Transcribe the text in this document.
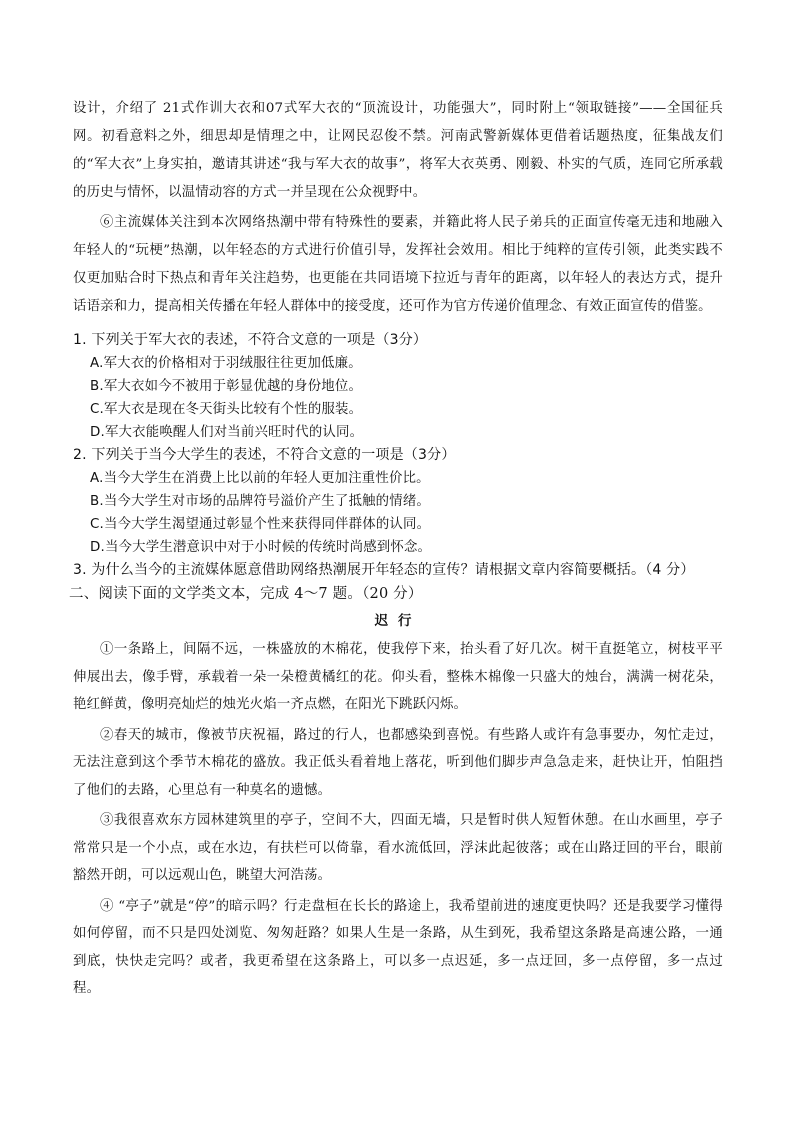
设计，介绍了 21式作训大衣和07式军大衣的“顶流设计，功能强大”，同时附上“领取链接”——全国征兵网。初看意料之外，细思却是情理之中，让网民忍俊不禁。河南武警新媒体更借着话题热度，征集战友们的“军大衣”上身实拍，邀请其讲述“我与军大衣的故事”，将军大衣英勇、刚毅、朴实的气质，连同它所承载的历史与情怀，以温情动容的方式一并呈现在公众视野中。

⑥主流媒体关注到本次网络热潮中带有特殊性的要素，并籍此将人民子弟兵的正面宣传毫无违和地融入年轻人的“玩梗”热潮，以年轻态的方式进行价值引导，发挥社会效用。相比于纯粹的宣传引领，此类实践不仅更加贴合时下热点和青年关注趋势，也更能在共同语境下拉近与青年的距离，以年轻人的表达方式，提升话语亲和力，提高相关传播在年轻人群体中的接受度，还可作为官方传递价值理念、有效正面宣传的借鉴。

1. 下列关于军大衣的表述，不符合文意的一项是（3分）

A.军大衣的价格相对于羽绒服往往更加低廉。
B.军大衣如今不被用于彰显优越的身份地位。
C.军大衣是现在冬天街头比较有个性的服装。
D.军大衣能唤醒人们对当前兴旺时代的认同。

2. 下列关于当今大学生的表述，不符合文意的一项是（3分）

A.当今大学生在消费上比以前的年轻人更加注重性价比。
B.当今大学生对市场的品牌符号溢价产生了抵触的情绪。
C.当今大学生渴望通过彰显个性来获得同伴群体的认同。
D.当今大学生潜意识中对于小时候的传统时尚感到怀念。

3. 为什么当今的主流媒体愿意借助网络热潮展开年轻态的宣传？请根据文章内容简要概括。（4 分）

二、阅读下面的文学类文本，完成 4～7 题。（20 分）

迟行

①一条路上，间隔不远，一株盛放的木棉花，使我停下来，抬头看了好几次。树干直挺笔立，树枝平平伸展出去，像手臂，承载着一朵一朵橙黄橘红的花。仰头看，整株木棉像一只盛大的烛台，满满一树花朵，艳红鲜黄，像明亮灿烂的烛光火焰一齐点燃，在阳光下跳跃闪烁。

②春天的城市，像被节庆祝福，路过的行人，也都感染到喜悦。有些路人或许有急事要办，匆忙走过，无法注意到这个季节木棉花的盛放。我正低头看着地上落花，听到他们脚步声急急走来，赶快让开，怕阻挡了他们的去路，心里总有一种莫名的遗憾。

③我很喜欢东方园林建筑里的亭子，空间不大，四面无墙，只是暂时供人短暂休憩。在山水画里，亭子常常只是一个小点，或在水边，有扶栏可以倚靠，看水流低回，浮沫此起彼落；或在山路迂回的平台，眼前豁然开朗，可以远观山色，眺望大河浩荡。

④ “亭子”就是“停”的暗示吗？行走盘桓在长长的路途上，我希望前进的速度更快吗？还是我要学习懂得如何停留，而不只是四处浏览、匆匆赶路？如果人生是一条路，从生到死，我希望这条路是高速公路，一通到底，快快走完吗？或者，我更希望在这条路上，可以多一点迟延，多一点迂回，多一点停留，多一点过程。
